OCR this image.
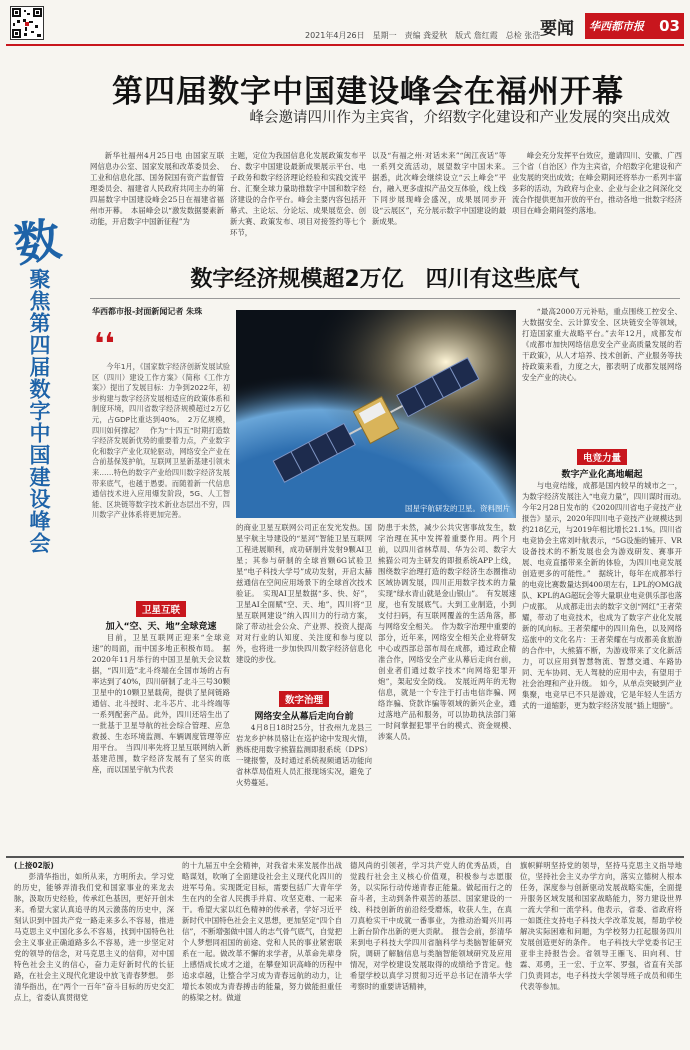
2021年4月26日　星期一　责编 龚爱秋　版式 詹红霞　总检 张浩 要闻 华西都市报 03
第四届数字中国建设峰会在福州开幕
峰会邀请四川作为主宾省，介绍数字化建设和产业发展的突出成效
数
聚焦第四届数字中国建设峰会

新华社福州4月25日电 由国家互联网信息办公室、国家发展和改革委员会、工业和信息化部、国务院国有资产监督管理委员会、福建省人民政府共同主办的第四届数字中国建设峰会25日在福建省福州市开幕。　本届峰会以“激发数据要素新动能，开启数字中国新征程”为

主题，定位为我国信息化发展政策发布平台、数字中国建设最新成果展示平台、电子政务和数字经济理论经验和实践交流平台、汇聚全球力量助推数字中国和数字经济建设的合作平台。峰会主要内容包括开幕式、主论坛、分论坛、成果展览会、创新大赛、政策发布、项目对接签约等七个环节，

以及“有福之州·对话未来”“闽江夜话”等一系列交流活动，展望数字中国未来。　据悉，此次峰会继续设立“云上峰会”平台，融入更多虚拟产品交互体验，线上线下同步展现峰会盛况，成果展同步开设“云展区”，充分展示数字中国建设的最新成果。

峰会充分发挥平台效应，邀请四川、安徽、广西三个省（自治区）作为主宾省，介绍数字化建设和产业发展的突出成效；在峰会期间还将举办一系列丰富多彩的活动，为政府与企业、企业与企业之间深化交流合作提供更加开放的平台，推动各地一批数字经济项目在峰会期间签约落地。

数字经济规模超2万亿　四川有这些底气
华西都市报-封面新闻记者 朱珠
❛❛

今年1月，《国家数字经济创新发展试验区（四川）建设工作方案》（简称《工作方案》）提出了发展目标：力争到2022年，初步构建与数字经济发展相适应的政策体系和制度环境，四川省数字经济规模超过2万亿元，占GDP比重达到40%。　2万亿规模，四川如何撑起？　作为“十四五”时期打造数字经济发展新优势的重要着力点，产业数字化和数字产业化双轮驱动，网络安全产业在合前基保笈护航，互联网卫星新基建引领未来……特色的数字产业给四川数字经济发展带来底气，也越于愚要。而随着新一代信息通信技术进入应用爆发阶段，5G、人工智能、区块链等数字技术新业态层出不穷，四川数字产业体系将更加完善。

卫星互联
加入“空、天、地”全球竞速

目前，卫星互联网正迎来“全球竞速”的局面，而中国多地正积极布局。　据2020年11月举行的中国卫星航天会议数据，“四川造”北斗终端在全国市场的占有率达到了40%，四川研制了北斗三号30颗卫星中的10颗卫星载荷，提供了星间链路通信、北斗授时、北斗芯片、北斗终端等一系列配套产品。此外，四川还培生出了一批基于卫星导航的社会综合管理、应急救援、生态环境监测、车辆调度管理等应用平台。　当四川率先将卫星互联网纳入新基建范围，数字经济发展有了坚实的底座，而以国星宇航为代表

国星宇航研发的卫星。资料图片

的商业卫星互联网公司正在发光发热。国星宇航主导建设的“星河”智能卫星互联网工程进展顺利，成功研制并发射9颗AI卫星；其参与研制的全球首颗6G试验卫星“电子科技大学号”成功发射，开启太赫兹通信在空间应用场景下的全球首次技术验证。　实现AI卫星数据“多、快、好”，卫星AI全面赋“空、天、地”，四川将“卫星互联网建设”纳入四川力的行动方案，除了带动社会公众、产业界、投资人提高对对行业的认知度、关注度和参与度以外，也将进一步加快四川数字经济信息化建设的步伐。

数字治理
网络安全从幕后走向台前

4月8日18时25分，甘孜州九龙县三岩龙乡护林员骆让在巡护途中发现火情，熟练使用数字熊猫监测即报系统（DPS）一键报警，及时通过系统视频通话功能向省林草局值班人员汇报现场实况，避免了火势蔓延。

防患于未然，减少公共灾害事故发生，数字治理在其中发挥着重要作用。两个月前，以四川省林草局、华为公司、数字大熊猫公司为主研发的即报系统APP上线，围绕数字治理打造的数字经济生态圈推动区域协调发展，四川正用数字技术的力量实现“绿水青山就是金山银山”。　有发展速度，也有发展底气。大到工业制造，小到支付扫码，有互联网覆盖的生活角落，都与网络安全相关。　作为数字治理中重要的部分，近年来，网络安全相关企业将研发中心或西部总部布局在成都，通过政企精准合作，网络安全产业从幕后走向台前，创业者们通过数字技术“向网络犯罪开炮”，架起安全防线。　发展近两年的无物信息，就是一个专注于打击电信诈骗、网络诈骗、贷款诈骗等领域的新兴企业，通过落地产品和服务，可以协助执法部门第一时间掌握犯罪平台的模式、资金规模、涉案人员。

“最高2000万元补贴，重点围绕工控安全、大数据安全、云计算安全、区块链安全等领域，打造国家重大战略平台。”去年12月，成都发布《成都市加快网络信息安全产业高质量发展的若干政策》，从人才培养、技术创新、产业服务等扶持政策来看，力度之大，都表明了成都发展网络安全产业的决心。

电竞力量
数字产业化高地崛起

与电竞结缘，成都是国内较早的城市之一，为数字经济发展注入“电竞力量”，四川谋时而动。　今年2月28日发布的《2020四川省电子竞技产业报告》显示，2020年四川电子竞技产业规模达到约218亿元，与2019年相比增长21.1%。四川省电竞协会主席刘叶航表示，“5G设施的铺开、VR设备技术的不断发展也会为游戏研发、赛事开展、电竞直播带来全新的体验，为四川电竞发展创造更多的可能性。”　据统计，每年在成都举行的电竞比赛数量达到400项左右，LPL的OMG战队、KPL的AG超玩会等大量职业电竞俱乐部也落户成都。　从成都走出去的数字文创“网红”王者荣耀，带动了电竞技术，也成为了数字产业化发展新的风向标。王者荣耀中的四川角色，以及网络巡旅中的文化名片：王者荣耀在与成都美食旅游的合作中，大熊猫不断，为游戏带来了文化新活力，可以应用到智慧物流、智慧交通、车路协同、无车协同、无人驾驶的应用中去，有望用于社会治理和产业升级。　如今，从单点突破到产业集聚，电竞早已不只是游戏，它是年轻人生活方式的一道缩影，更为数字经济发展“插上翅膀”。

(上接02版)

彭清华指出，如所从来，方明所去。学习党的历史，能够弄清我们党和国家事业的来龙去脉，汲取历史经验，传承红色基因，更好开创未来。希望大家认真追寻的风云激荡的历史中，深刻认识到中国共产党一路走来多么不容易，推进马克思主义中国化多么不容易，找到中国特色社会主义事业正确道路多么不容易，进一步坚定对党的领导的信念，对马克思主义的信仰，对中国特色社会主义的信心，奋力走好新时代的长征路，在社会主义现代化建设中放飞青春梦想。　彭清华指出，在“两个一百年”奋斗目标的历史交汇点上，省委认真贯彻党

的十九届五中全会精神，对我省未来发展作出战略谋划，吹响了全面建设社会主义现代化四川的进军号角。实现既定目标，需要包括广大青年学生在内的全省人民携手并肩、攻坚克难、一起来干。希望大家以红色精神的传承者，学好习近平新时代中国特色社会主义思想，更加坚定“四个自信”，不断增强做中国人的志气骨气底气，自觉把个人梦想同祖国的前途、党和人民的事业紧密联系在一起。做改革不懈的求学者，从革命先辈身上感悟成长成才之道，在攀登知识高峰的历程中追求卓越，让整合学习成为青春远航的动力，让增长本领成为青春搏击的能量，努力做能担重任的栋梁之材。做道

德风尚的引领者，学习共产党人的优秀品质，自觉践行社会主义核心价值观，积极参与志愿服务，以实际行动传递青春正能量。做起而行之的奋斗者，主动到条件艰苦的基层、国家建设的一线、科技创新的前沿经受磨炼，收获人生，在真刀真枪实干中成就一番事业，为推动治蜀兴川再上新台阶作出新的更大贡献。　报告会前，彭清华来到电子科技大学四川省脑科学与类脑智能研究院，调研了解脑信息与类脑智能领域研究及应用情况，对学校建设发展取得的成绩给予肯定。他希望学校以真学习贯彻习近平总书记在清华大学考察时的重要讲话精神，

旗帜鲜明坚持党的领导，坚持马克思主义指导地位，坚持社会主义办学方向，落实立德树人根本任务，深度参与创新驱动发展战略实施，全面提升服务区域发展和国家战略能力，努力建设世界一流大学和一流学科。他表示，省委、省政府将一如既往支持电子科技大学改革发展，帮助学校解决实际困难和问题，为学校努力扛起服务四川发展创造更好的条件。　电子科技大学党委书记王亚非主持报告会。省领导王雁飞、田向利、甘霖、邓勇，王一宏、于立军、罗强，省直有关部门负责同志，电子科技大学领导班子成员和师生代表等参加。
